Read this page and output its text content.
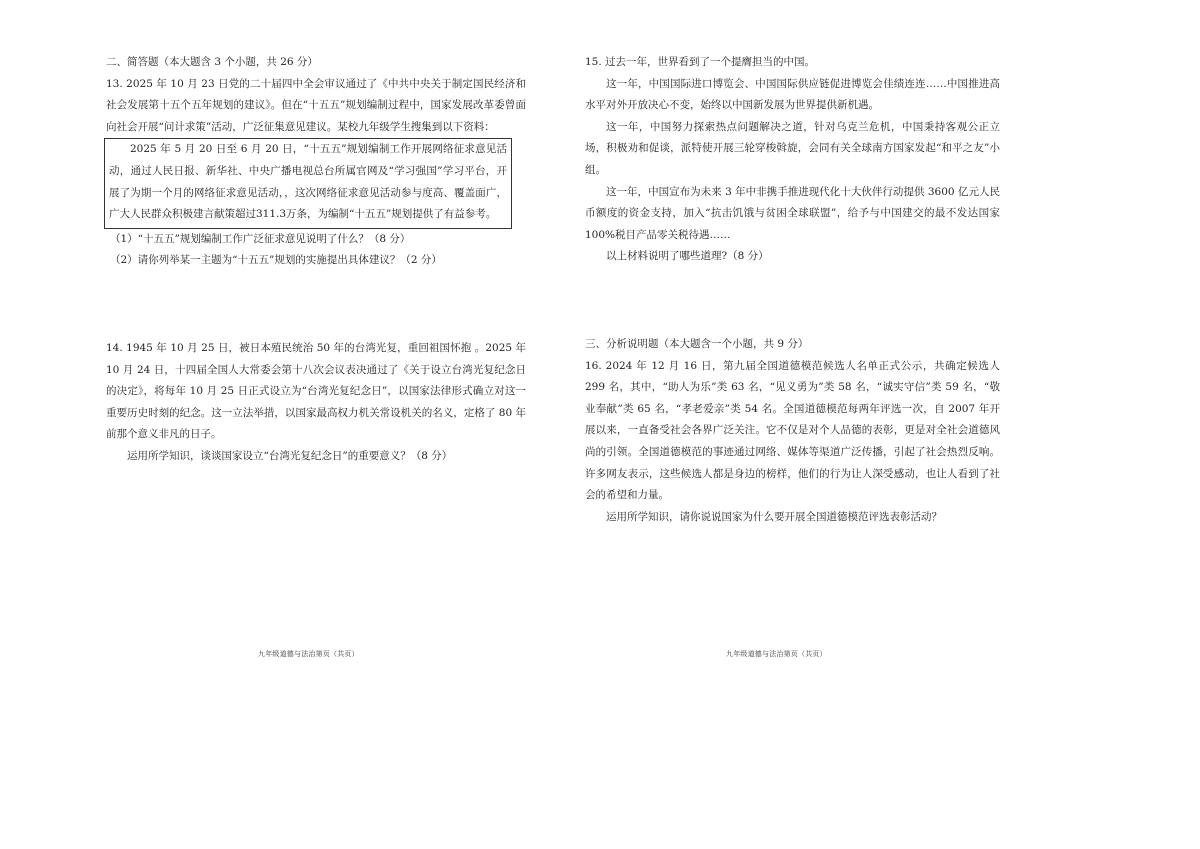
二、简答题（本大题含 3 个小题，共 26 分）

13. 2025 年 10 月 23 日党的二十届四中全会审议通过了《中共中央关于制定国民经济和社会发展第十五个五年规划的建议》。但在“十五五”规划编制过程中，国家发展改革委曾面向社会开展“问计求策”活动，广泛征集意见建议。某校九年级学生搜集到以下资料：

2025 年 5 月 20 日至 6 月 20 日，“十五五”规划编制工作开展网络征求意见活动，通过人民日报、新华社、中央广播电视总台所属官网及“学习强国”学习平台，开展了为期一个月的网络征求意见活动，，这次网络征求意见活动参与度高、覆盖面广，广大人民群众积极建言献策超过311.3万条，为编制“十五五”规划提供了有益参考。

（1）“十五五”规划编制工作广泛征求意见说明了什么？（8 分）

（2）请你列举某一主题为“十五五”规划的实施提出具体建议？（2 分）

14. 1945 年 10 月 25 日，被日本殖民统治 50 年的台湾光复，重回祖国怀抱 。2025 年 10 月 24 日，十四届全国人大常委会第十八次会议表决通过了《关于设立台湾光复纪念日的决定》，将每年 10 月 25 日正式设立为“台湾光复纪念日”，以国家法律形式确立对这一重要历史时刻的纪念。这一立法举措，以国家最高权力机关常设机关的名义，定格了 80 年前那个意义非凡的日子。

运用所学知识，谈谈国家设立“台湾光复纪念日”的重要意义？（8 分）

15. 过去一年，世界看到了一个提膺担当的中国。

这一年，中国国际进口博览会、中国国际供应链促进博览会佳绩连连……中国推进高水平对外开放决心不变，始终以中国新发展为世界提供新机遇。

这一年，中国努力探索热点问题解决之道，针对乌克兰危机，中国秉持客观公正立场，积极劝和促谈，派特使开展三轮穿梭斡旋，会同有关全球南方国家发起“和平之友”小组。

这一年，中国宣布为未来 3 年中非携手推进现代化十大伙伴行动提供 3600 亿元人民币额度的资金支持，加入“抗击饥饿与贫困全球联盟”，给予与中国建交的最不发达国家 100%税目产品零关税待遇……

以上材料说明了哪些道理?（8 分）

三、分析说明题（本大题含一个小题，共 9 分）

16. 2024 年 12 月 16 日，第九届全国道德模范候选人名单正式公示，共确定候选人 299 名，其中，“助人为乐”类 63 名，“见义勇为”类 58 名，“诚实守信”类 59 名，“敬业奉献”类 65 名，“孝老爱亲”类 54 名。全国道德模范每两年评选一次，自 2007 年开展以来，一直备受社会各界广泛关注。它不仅是对个人品德的表彰，更是对全社会道德风尚的引领。全国道德模范的事迹通过网络、媒体等渠道广泛传播，引起了社会热烈反响。许多网友表示，这些候选人都是身边的榜样，他们的行为让人深受感动，也让人看到了社会的希望和力量。

运用所学知识，请你说说国家为什么要开展全国道德模范评选表彰活动？

九年级道德与法治第页（共页）	九年级道德与法治第页（共页）
